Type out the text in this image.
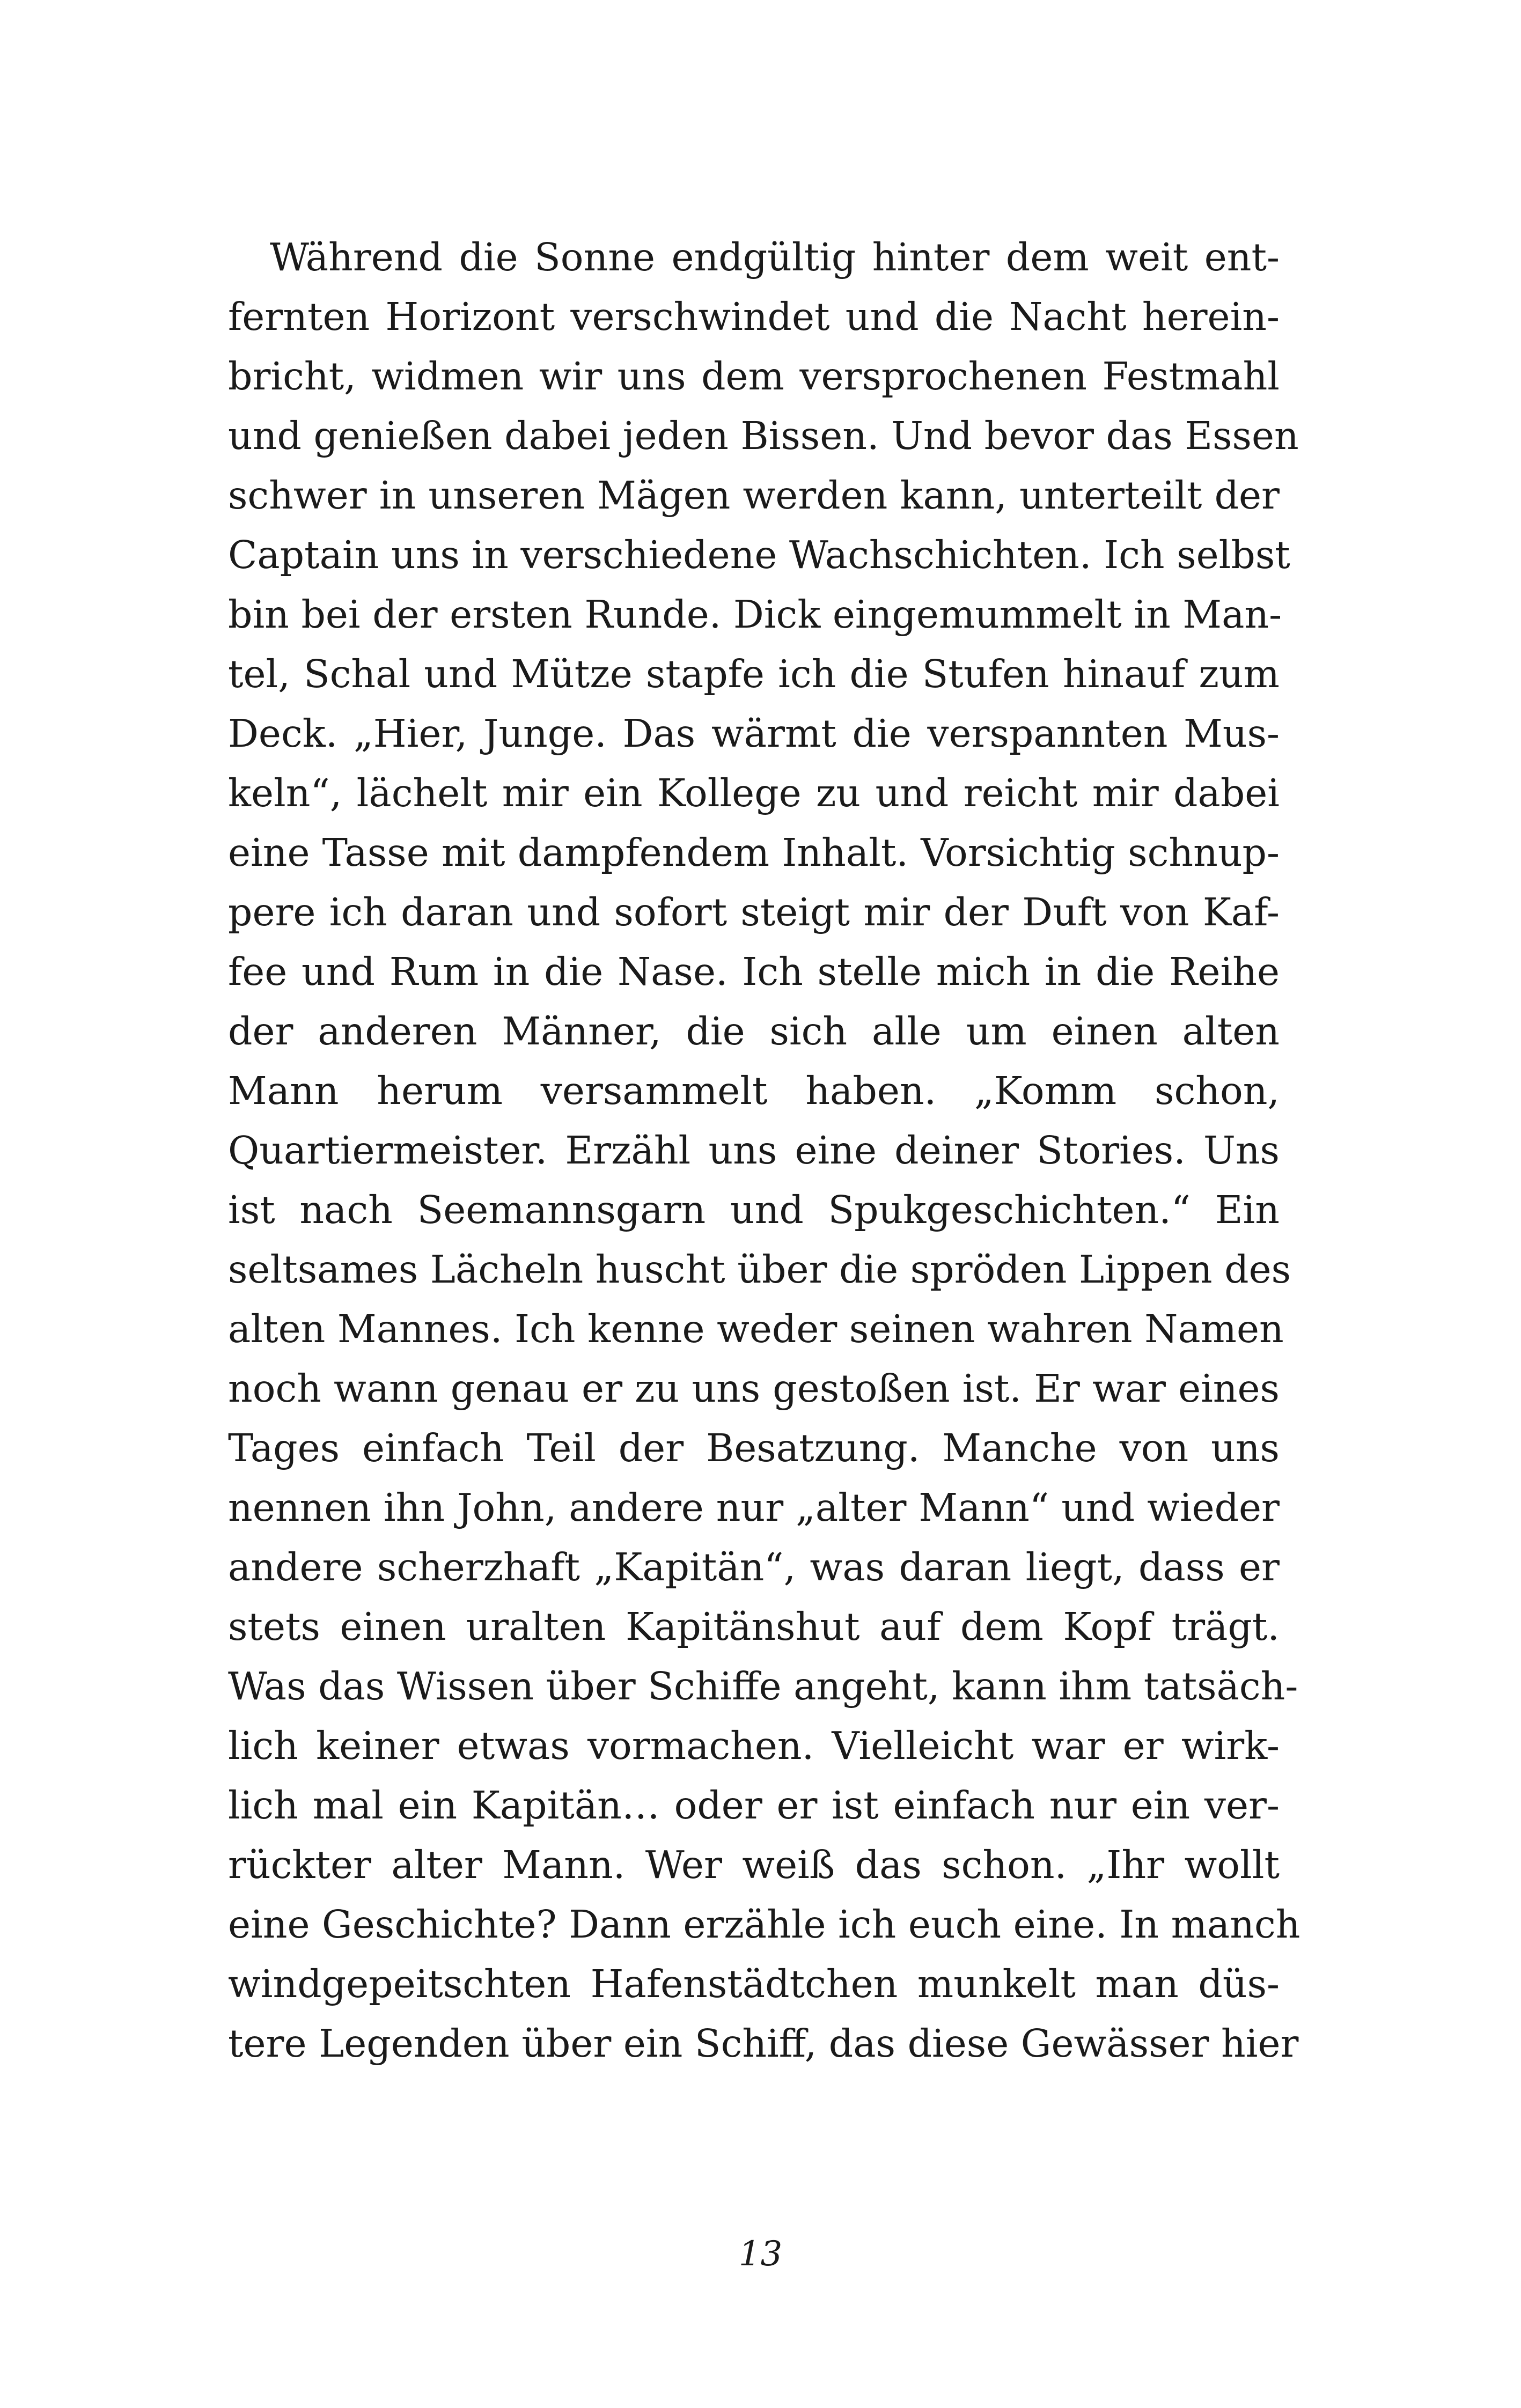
Während die Sonne endgültig hinter dem weit ent-
fernten Horizont verschwindet und die Nacht herein-
bricht, widmen wir uns dem versprochenen Festmahl
und genießen dabei jeden Bissen. Und bevor das Essen
schwer in unseren Mägen werden kann, unterteilt der
Captain uns in verschiedene Wachschichten. Ich selbst
bin bei der ersten Runde. Dick eingemummelt in Man-
tel, Schal und Mütze stapfe ich die Stufen hinauf zum
Deck. „Hier, Junge. Das wärmt die verspannten Mus-
keln“, lächelt mir ein Kollege zu und reicht mir dabei
eine Tasse mit dampfendem Inhalt. Vorsichtig schnup-
pere ich daran und sofort steigt mir der Duft von Kaf-
fee und Rum in die Nase. Ich stelle mich in die Reihe
der anderen Männer, die sich alle um einen alten
Mann herum versammelt haben. „Komm schon,
Quartiermeister. Erzähl uns eine deiner Stories. Uns
ist nach Seemannsgarn und Spukgeschichten.“ Ein
seltsames Lächeln huscht über die spröden Lippen des
alten Mannes. Ich kenne weder seinen wahren Namen
noch wann genau er zu uns gestoßen ist. Er war eines
Tages einfach Teil der Besatzung. Manche von uns
nennen ihn John, andere nur „alter Mann“ und wieder
andere scherzhaft „Kapitän“, was daran liegt, dass er
stets einen uralten Kapitänshut auf dem Kopf trägt.
Was das Wissen über Schiffe angeht, kann ihm tatsäch-
lich keiner etwas vormachen. Vielleicht war er wirk-
lich mal ein Kapitän… oder er ist einfach nur ein ver-
rückter alter Mann. Wer weiß das schon. „Ihr wollt
eine Geschichte? Dann erzähle ich euch eine. In manch
windgepeitschten Hafenstädtchen munkelt man düs-
tere Legenden über ein Schiff, das diese Gewässer hier
13
